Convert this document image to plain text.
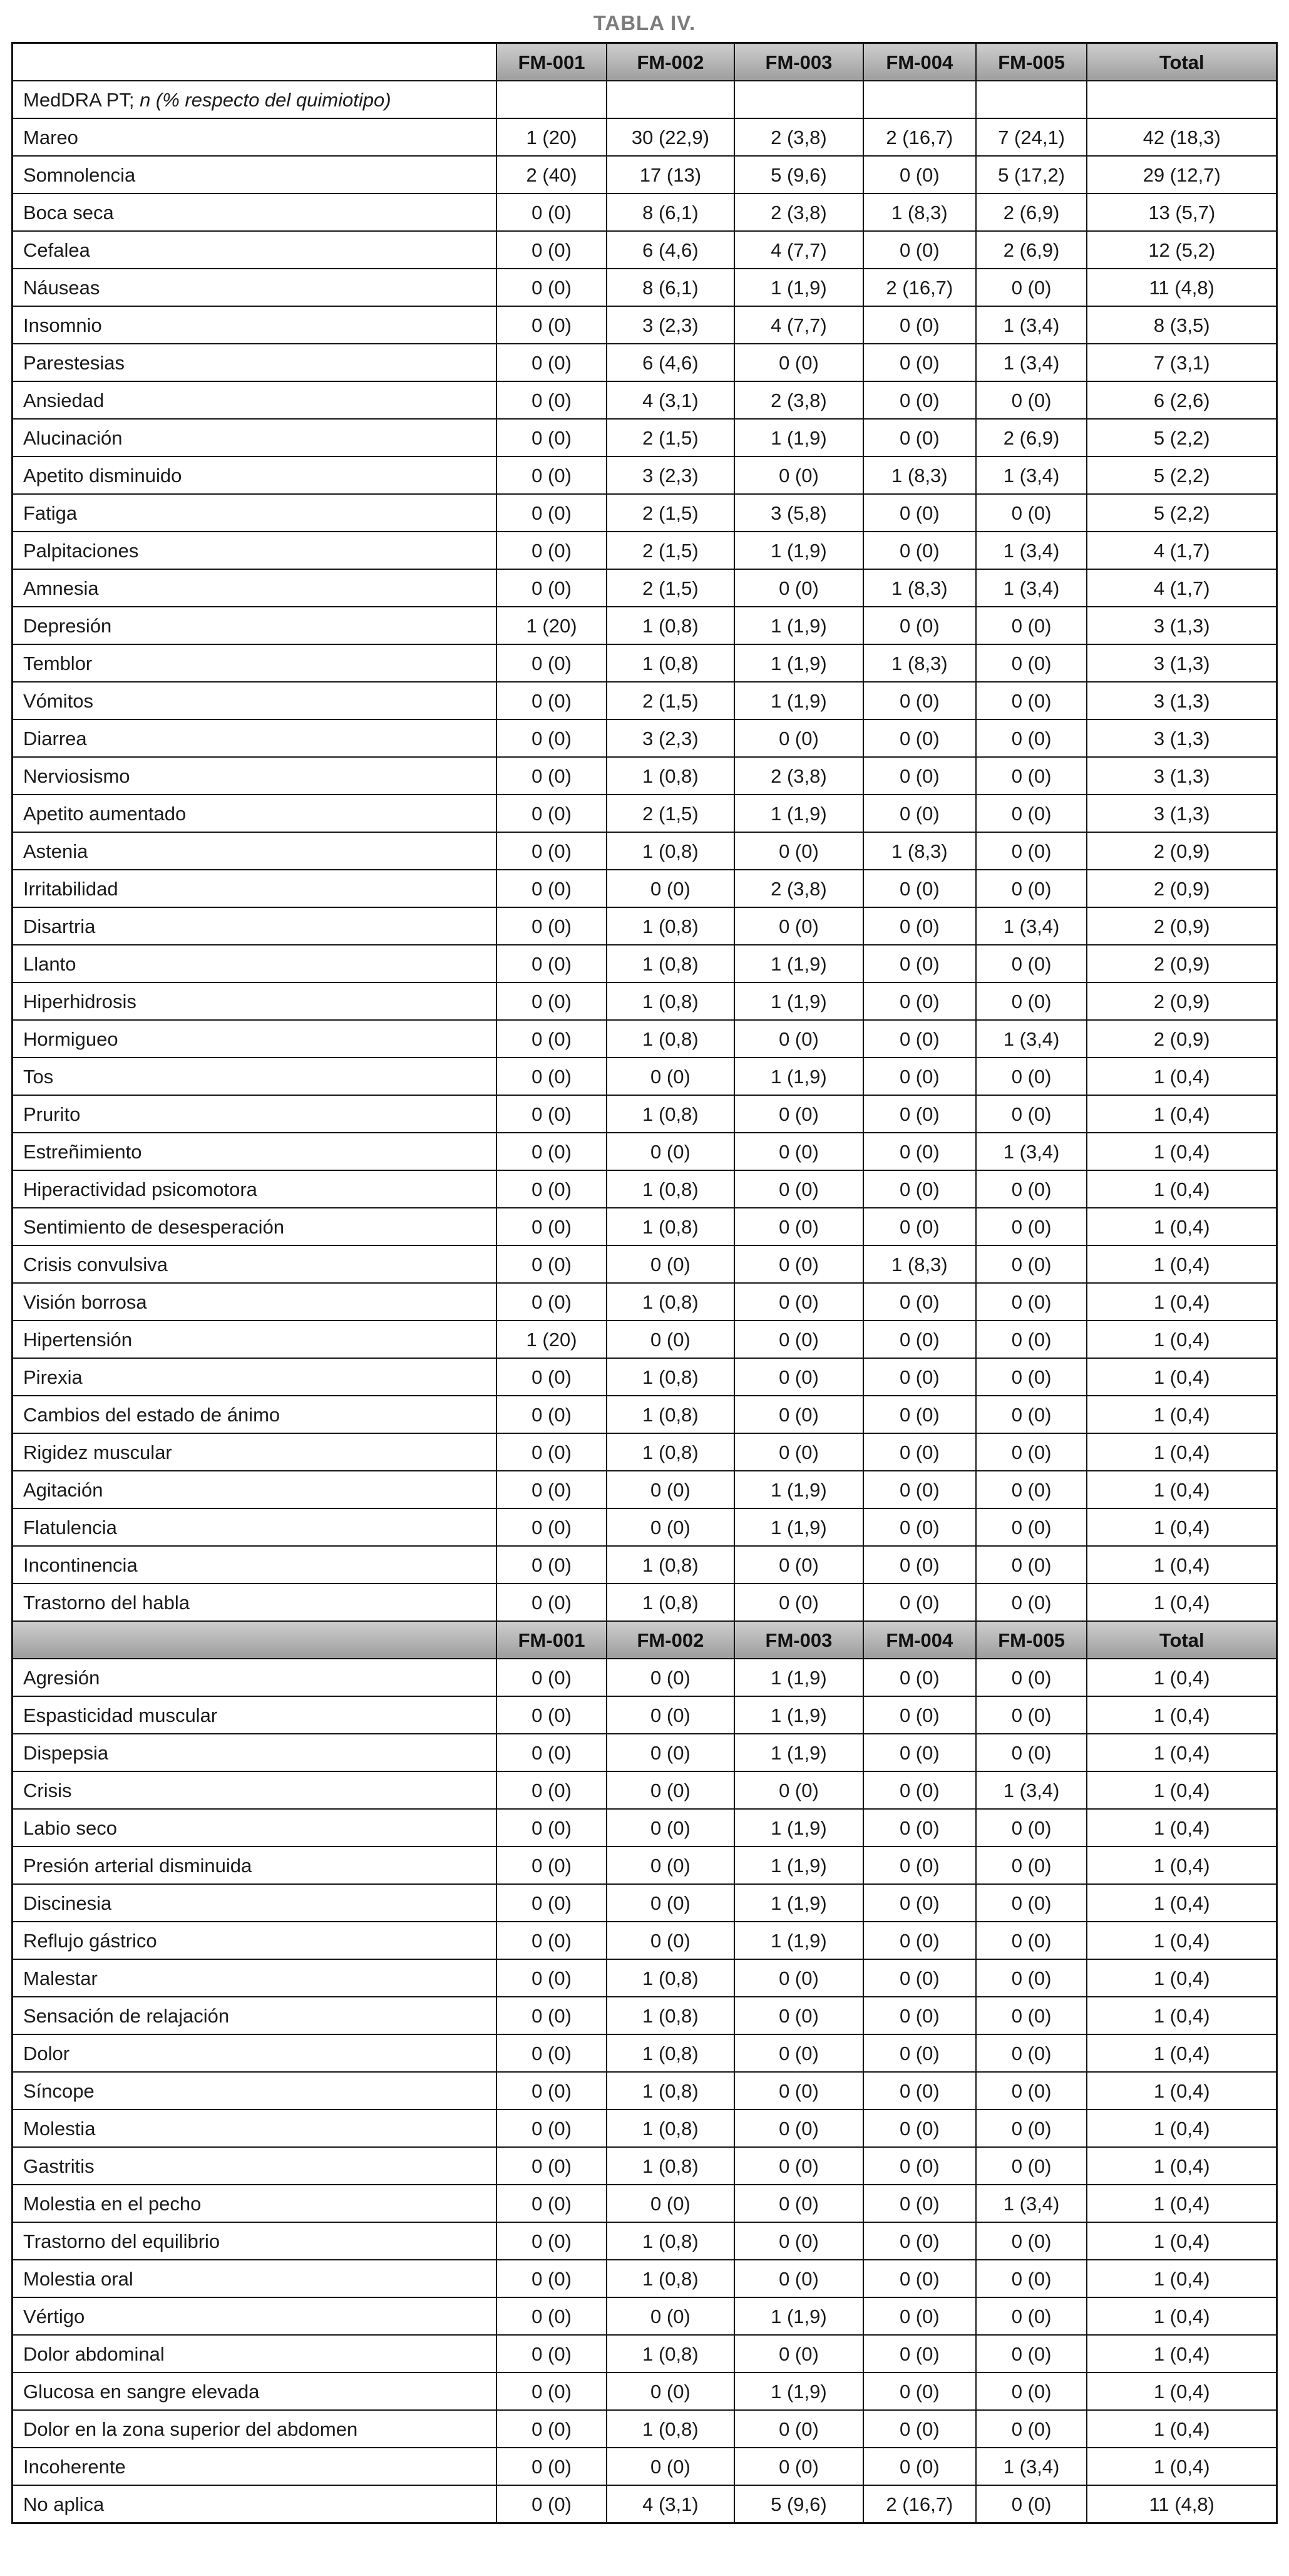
TABLA IV.
	FM-001	FM-002	FM-003	FM-004	FM-005	Total
MedDRA PT; n (% respecto del quimiotipo)						
Mareo	1 (20)	30 (22,9)	2 (3,8)	2 (16,7)	7 (24,1)	42 (18,3)
Somnolencia	2 (40)	17 (13)	5 (9,6)	0 (0)	5 (17,2)	29 (12,7)
Boca seca	0 (0)	8 (6,1)	2 (3,8)	1 (8,3)	2 (6,9)	13 (5,7)
Cefalea	0 (0)	6 (4,6)	4 (7,7)	0 (0)	2 (6,9)	12 (5,2)
Náuseas	0 (0)	8 (6,1)	1 (1,9)	2 (16,7)	0 (0)	11 (4,8)
Insomnio	0 (0)	3 (2,3)	4 (7,7)	0 (0)	1 (3,4)	8 (3,5)
Parestesias	0 (0)	6 (4,6)	0 (0)	0 (0)	1 (3,4)	7 (3,1)
Ansiedad	0 (0)	4 (3,1)	2 (3,8)	0 (0)	0 (0)	6 (2,6)
Alucinación	0 (0)	2 (1,5)	1 (1,9)	0 (0)	2 (6,9)	5 (2,2)
Apetito disminuido	0 (0)	3 (2,3)	0 (0)	1 (8,3)	1 (3,4)	5 (2,2)
Fatiga	0 (0)	2 (1,5)	3 (5,8)	0 (0)	0 (0)	5 (2,2)
Palpitaciones	0 (0)	2 (1,5)	1 (1,9)	0 (0)	1 (3,4)	4 (1,7)
Amnesia	0 (0)	2 (1,5)	0 (0)	1 (8,3)	1 (3,4)	4 (1,7)
Depresión	1 (20)	1 (0,8)	1 (1,9)	0 (0)	0 (0)	3 (1,3)
Temblor	0 (0)	1 (0,8)	1 (1,9)	1 (8,3)	0 (0)	3 (1,3)
Vómitos	0 (0)	2 (1,5)	1 (1,9)	0 (0)	0 (0)	3 (1,3)
Diarrea	0 (0)	3 (2,3)	0 (0)	0 (0)	0 (0)	3 (1,3)
Nerviosismo	0 (0)	1 (0,8)	2 (3,8)	0 (0)	0 (0)	3 (1,3)
Apetito aumentado	0 (0)	2 (1,5)	1 (1,9)	0 (0)	0 (0)	3 (1,3)
Astenia	0 (0)	1 (0,8)	0 (0)	1 (8,3)	0 (0)	2 (0,9)
Irritabilidad	0 (0)	0 (0)	2 (3,8)	0 (0)	0 (0)	2 (0,9)
Disartria	0 (0)	1 (0,8)	0 (0)	0 (0)	1 (3,4)	2 (0,9)
Llanto	0 (0)	1 (0,8)	1 (1,9)	0 (0)	0 (0)	2 (0,9)
Hiperhidrosis	0 (0)	1 (0,8)	1 (1,9)	0 (0)	0 (0)	2 (0,9)
Hormigueo	0 (0)	1 (0,8)	0 (0)	0 (0)	1 (3,4)	2 (0,9)
Tos	0 (0)	0 (0)	1 (1,9)	0 (0)	0 (0)	1 (0,4)
Prurito	0 (0)	1 (0,8)	0 (0)	0 (0)	0 (0)	1 (0,4)
Estreñimiento	0 (0)	0 (0)	0 (0)	0 (0)	1 (3,4)	1 (0,4)
Hiperactividad psicomotora	0 (0)	1 (0,8)	0 (0)	0 (0)	0 (0)	1 (0,4)
Sentimiento de desesperación	0 (0)	1 (0,8)	0 (0)	0 (0)	0 (0)	1 (0,4)
Crisis convulsiva	0 (0)	0 (0)	0 (0)	1 (8,3)	0 (0)	1 (0,4)
Visión borrosa	0 (0)	1 (0,8)	0 (0)	0 (0)	0 (0)	1 (0,4)
Hipertensión	1 (20)	0 (0)	0 (0)	0 (0)	0 (0)	1 (0,4)
Pirexia	0 (0)	1 (0,8)	0 (0)	0 (0)	0 (0)	1 (0,4)
Cambios del estado de ánimo	0 (0)	1 (0,8)	0 (0)	0 (0)	0 (0)	1 (0,4)
Rigidez muscular	0 (0)	1 (0,8)	0 (0)	0 (0)	0 (0)	1 (0,4)
Agitación	0 (0)	0 (0)	1 (1,9)	0 (0)	0 (0)	1 (0,4)
Flatulencia	0 (0)	0 (0)	1 (1,9)	0 (0)	0 (0)	1 (0,4)
Incontinencia	0 (0)	1 (0,8)	0 (0)	0 (0)	0 (0)	1 (0,4)
Trastorno del habla	0 (0)	1 (0,8)	0 (0)	0 (0)	0 (0)	1 (0,4)
	FM-001	FM-002	FM-003	FM-004	FM-005	Total
Agresión	0 (0)	0 (0)	1 (1,9)	0 (0)	0 (0)	1 (0,4)
Espasticidad muscular	0 (0)	0 (0)	1 (1,9)	0 (0)	0 (0)	1 (0,4)
Dispepsia	0 (0)	0 (0)	1 (1,9)	0 (0)	0 (0)	1 (0,4)
Crisis	0 (0)	0 (0)	0 (0)	0 (0)	1 (3,4)	1 (0,4)
Labio seco	0 (0)	0 (0)	1 (1,9)	0 (0)	0 (0)	1 (0,4)
Presión arterial disminuida	0 (0)	0 (0)	1 (1,9)	0 (0)	0 (0)	1 (0,4)
Discinesia	0 (0)	0 (0)	1 (1,9)	0 (0)	0 (0)	1 (0,4)
Reflujo gástrico	0 (0)	0 (0)	1 (1,9)	0 (0)	0 (0)	1 (0,4)
Malestar	0 (0)	1 (0,8)	0 (0)	0 (0)	0 (0)	1 (0,4)
Sensación de relajación	0 (0)	1 (0,8)	0 (0)	0 (0)	0 (0)	1 (0,4)
Dolor	0 (0)	1 (0,8)	0 (0)	0 (0)	0 (0)	1 (0,4)
Síncope	0 (0)	1 (0,8)	0 (0)	0 (0)	0 (0)	1 (0,4)
Molestia	0 (0)	1 (0,8)	0 (0)	0 (0)	0 (0)	1 (0,4)
Gastritis	0 (0)	1 (0,8)	0 (0)	0 (0)	0 (0)	1 (0,4)
Molestia en el pecho	0 (0)	0 (0)	0 (0)	0 (0)	1 (3,4)	1 (0,4)
Trastorno del equilibrio	0 (0)	1 (0,8)	0 (0)	0 (0)	0 (0)	1 (0,4)
Molestia oral	0 (0)	1 (0,8)	0 (0)	0 (0)	0 (0)	1 (0,4)
Vértigo	0 (0)	0 (0)	1 (1,9)	0 (0)	0 (0)	1 (0,4)
Dolor abdominal	0 (0)	1 (0,8)	0 (0)	0 (0)	0 (0)	1 (0,4)
Glucosa en sangre elevada	0 (0)	0 (0)	1 (1,9)	0 (0)	0 (0)	1 (0,4)
Dolor en la zona superior del abdomen	0 (0)	1 (0,8)	0 (0)	0 (0)	0 (0)	1 (0,4)
Incoherente	0 (0)	0 (0)	0 (0)	0 (0)	1 (3,4)	1 (0,4)
No aplica	0 (0)	4 (3,1)	5 (9,6)	2 (16,7)	0 (0)	11 (4,8)
